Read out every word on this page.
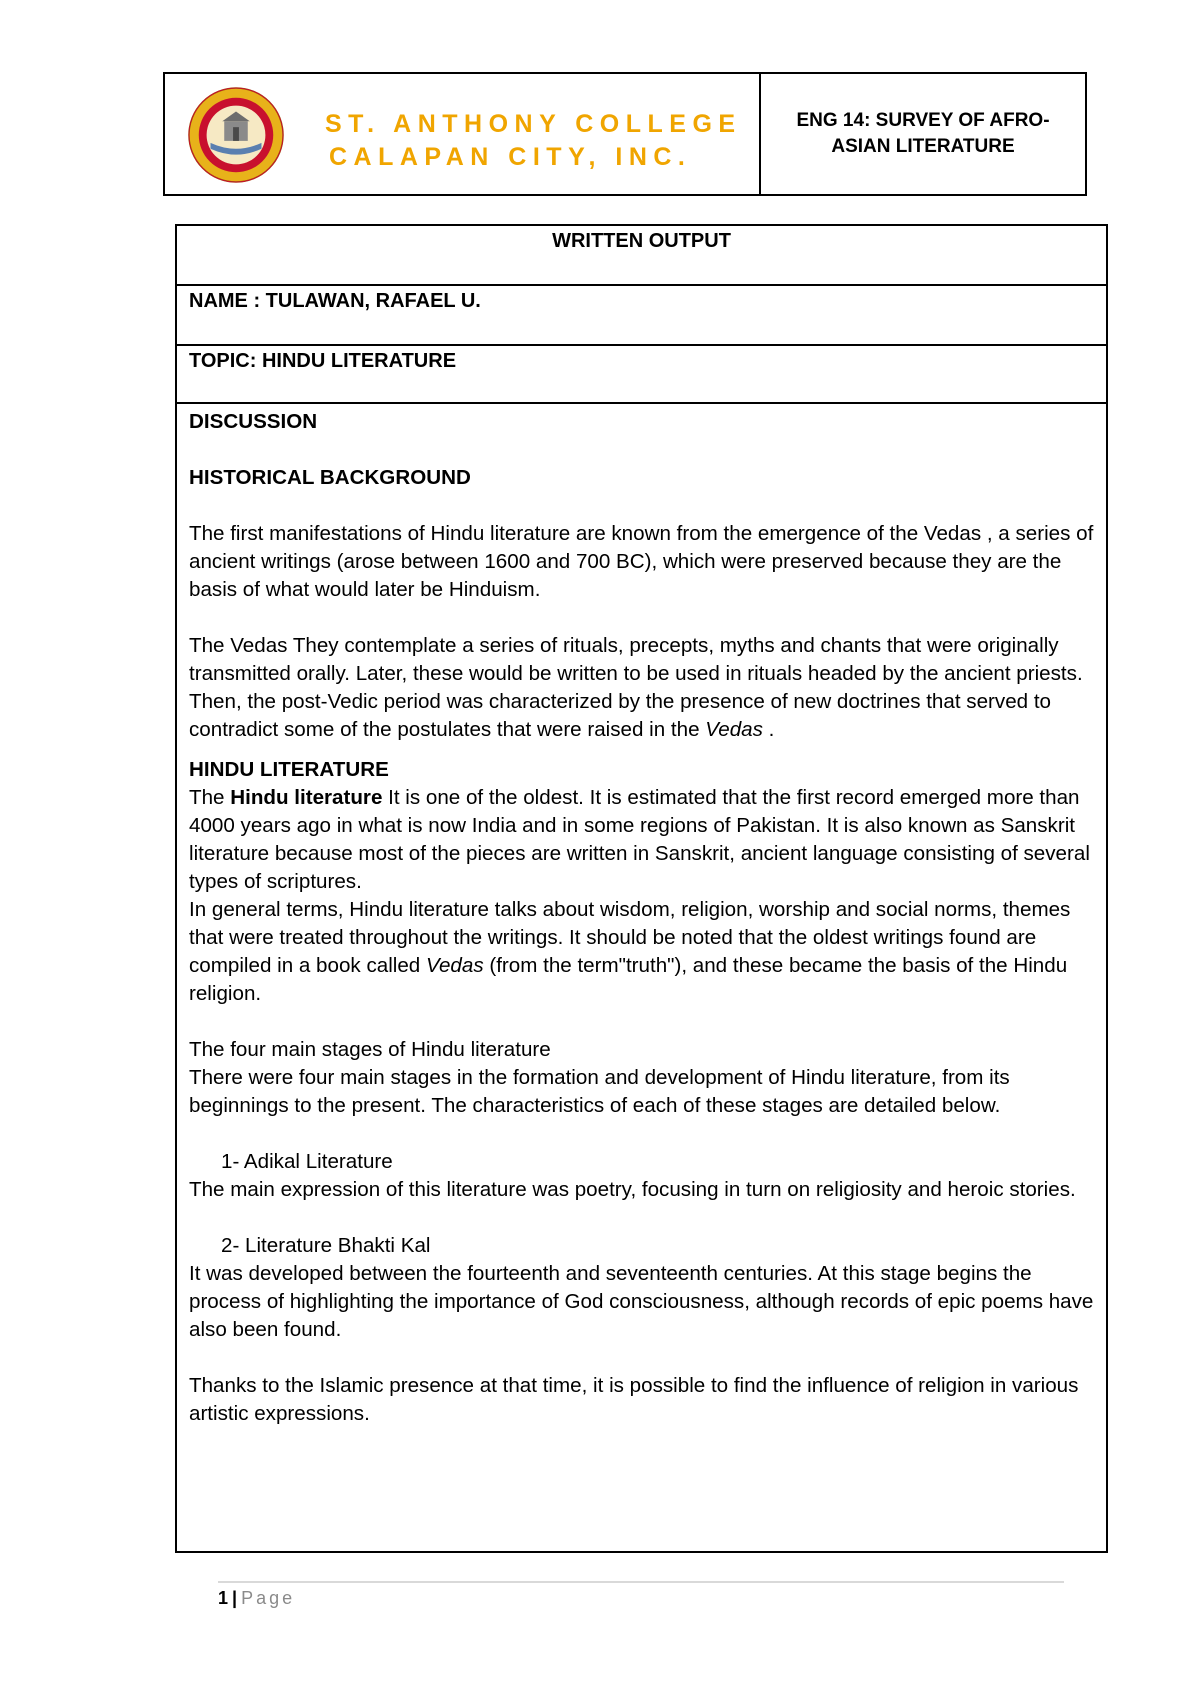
ST. ANTHONY COLLEGE
CALAPAN CITY, INC.
ENG 14: SURVEY OF AFRO-ASIAN LITERATURE
WRITTEN OUTPUT
NAME : TULAWAN, RAFAEL U.
TOPIC: HINDU LITERATURE

DISCUSSION

HISTORICAL BACKGROUND

The first manifestations of Hindu literature are known from the emergence of the Vedas , a series of ancient writings (arose between 1600 and 700 BC), which were preserved because they are the basis of what would later be Hinduism.

The Vedas They contemplate a series of rituals, precepts, myths and chants that were originally transmitted orally. Later, these would be written to be used in rituals headed by the ancient priests.

Then, the post-Vedic period was characterized by the presence of new doctrines that served to contradict some of the postulates that were raised in the Vedas .

HINDU LITERATURE

The Hindu literature It is one of the oldest. It is estimated that the first record emerged more than 4000 years ago in what is now India and in some regions of Pakistan. It is also known as Sanskrit literature because most of the pieces are written in Sanskrit, ancient language consisting of several types of scriptures.

In general terms, Hindu literature talks about wisdom, religion, worship and social norms, themes that were treated throughout the writings. It should be noted that the oldest writings found are compiled in a book called Vedas (from the term"truth"), and these became the basis of the Hindu religion.

The four main stages of Hindu literature

There were four main stages in the formation and development of Hindu literature, from its beginnings to the present. The characteristics of each of these stages are detailed below.

1- Adikal Literature

The main expression of this literature was poetry, focusing in turn on religiosity and heroic stories.

2- Literature Bhakti Kal

It was developed between the fourteenth and seventeenth centuries. At this stage begins the process of highlighting the importance of God consciousness, although records of epic poems have also been found.

Thanks to the Islamic presence at that time, it is possible to find the influence of religion in various artistic expressions.

1 | Page
